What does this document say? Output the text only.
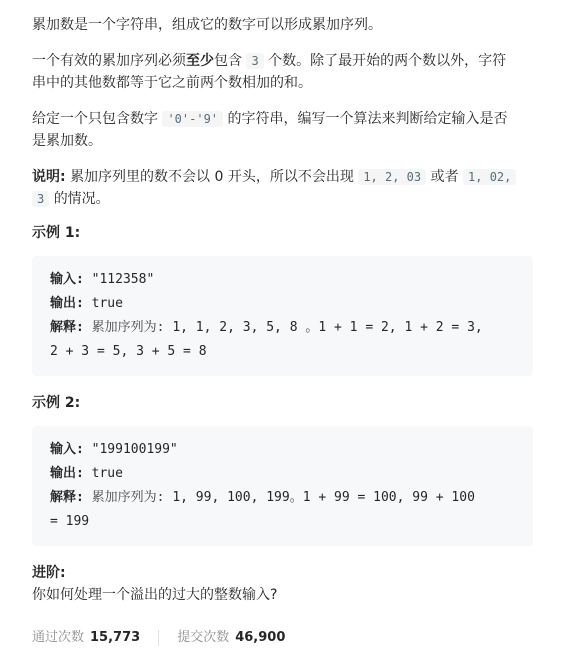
累加数是一个字符串，组成它的数字可以形成累加序列。

一个有效的累加序列必须至少包含 3 个数。除了最开始的两个数以外，字符

串中的其他数都等于它之前两个数相加的和。

给定一个只包含数字 '0'-'9' 的字符串，编写一个算法来判断给定输入是否

是累加数。

说明: 累加序列里的数不会以 0 开头，所以不会出现 1, 2, 03 或者 1, 02,

3 的情况。

示例 1:
输入: "112358"
输出: true
解释: 累加序列为: 1, 1, 2, 3, 5, 8 。1 + 1 = 2, 1 + 2 = 3,
2 + 3 = 5, 3 + 5 = 8
示例 2:
输入: "199100199"
输出: true
解释: 累加序列为: 1, 99, 100, 199。1 + 99 = 100, 99 + 100
= 199
进阶:
你如何处理一个溢出的过大的整数输入?
通过次数 15,773	提交次数 46,900
